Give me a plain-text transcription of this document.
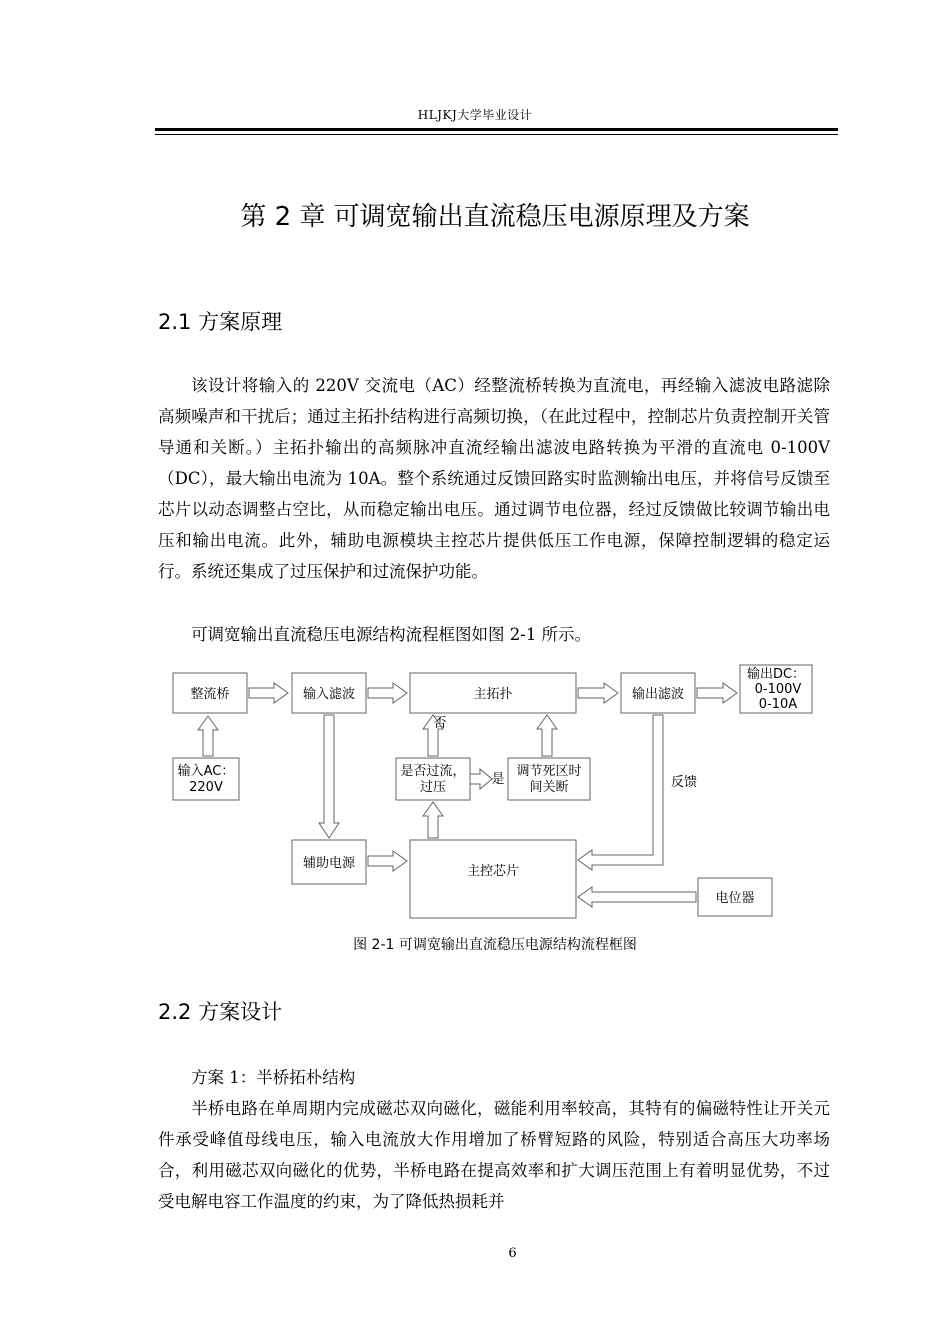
HLJKJ大学毕业设计
第 2 章 可调宽输出直流稳压电源原理及方案
2.1 方案原理

该设计将输入的 220V 交流电（AC）经整流桥转换为直流电，再经输入滤波电路滤除高频噪声和干扰后；通过主拓扑结构进行高频切换，（在此过程中，控制芯片负责控制开关管导通和关断。）主拓扑输出的高频脉冲直流经输出滤波电路转换为平滑的直流电 0-100V（DC），最大输出电流为 10A。整个系统通过反馈回路实时监测输出电压，并将信号反馈至芯片以动态调整占空比，从而稳定输出电压。通过调节电位器，经过反馈做比较调节输出电压和输出电流。此外，辅助电源模块主控芯片提供低压工作电源，保障控制逻辑的稳定运行。系统还集成了过压保护和过流保护功能。

可调宽输出直流稳压电源结构流程框图如图 2-1 所示。

整流桥	输入滤波	主拓扑	输出滤波
输出DC：
0-100V
0-10A
输入AC：
220V
是否过流，
过压
调节死区时
间关断
否
是	反馈
辅助电源
主控芯片
电位器
图 2-1 可调宽输出直流稳压电源结构流程框图
2.2 方案设计

方案 1：半桥拓朴结构

半桥电路在单周期内完成磁芯双向磁化，磁能利用率较高，其特有的偏磁特性让开关元件承受峰值母线电压，输入电流放大作用增加了桥臂短路的风险，特别适合高压大功率场合，利用磁芯双向磁化的优势，半桥电路在提高效率和扩大调压范围上有着明显优势，不过受电解电容工作温度的约束，为了降低热损耗并

6
